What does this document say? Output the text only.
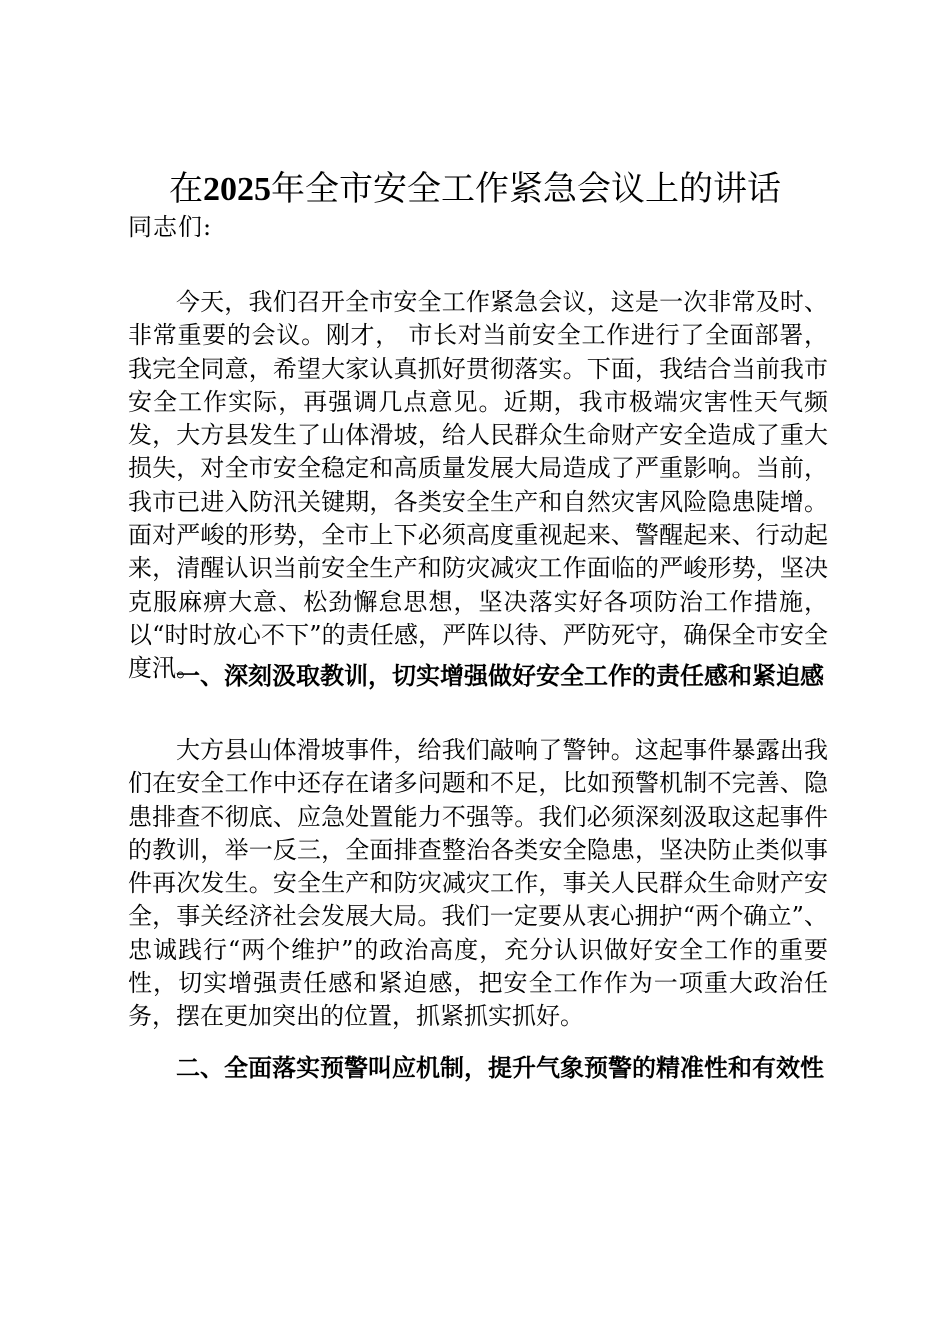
在2025年全市安全工作紧急会议上的讲话
同志们:

今天，我们召开全市安全工作紧急会议，这是一次非常及时、非常重要的会议。刚才， 市长对当前安全工作进行了全面部署，我完全同意，希望大家认真抓好贯彻落实。下面，我结合当前我市安全工作实际，再强调几点意见。近期，我市极端灾害性天气频发，大方县发生了山体滑坡，给人民群众生命财产安全造成了重大损失，对全市安全稳定和高质量发展大局造成了严重影响。当前，我市已进入防汛关键期，各类安全生产和自然灾害风险隐患陡增。面对严峻的形势，全市上下必须高度重视起来、警醒起来、行动起来，清醒认识当前安全生产和防灾减灾工作面临的严峻形势，坚决克服麻痹大意、松劲懈怠思想，坚决落实好各项防治工作措施，以“时时放心不下”的责任感，严阵以待、严防死守，确保全市安全度汛。

一、深刻汲取教训，切实增强做好安全工作的责任感和紧迫感

大方县山体滑坡事件，给我们敲响了警钟。这起事件暴露出我们在安全工作中还存在诸多问题和不足，比如预警机制不完善、隐患排查不彻底、应急处置能力不强等。我们必须深刻汲取这起事件的教训，举一反三，全面排查整治各类安全隐患，坚决防止类似事件再次发生。安全生产和防灾减灾工作，事关人民群众生命财产安全，事关经济社会发展大局。我们一定要从衷心拥护“两个确立”、忠诚践行“两个维护”的政治高度，充分认识做好安全工作的重要性，切实增强责任感和紧迫感，把安全工作作为一项重大政治任务，摆在更加突出的位置，抓紧抓实抓好。

二、全面落实预警叫应机制，提升气象预警的精准性和有效性
